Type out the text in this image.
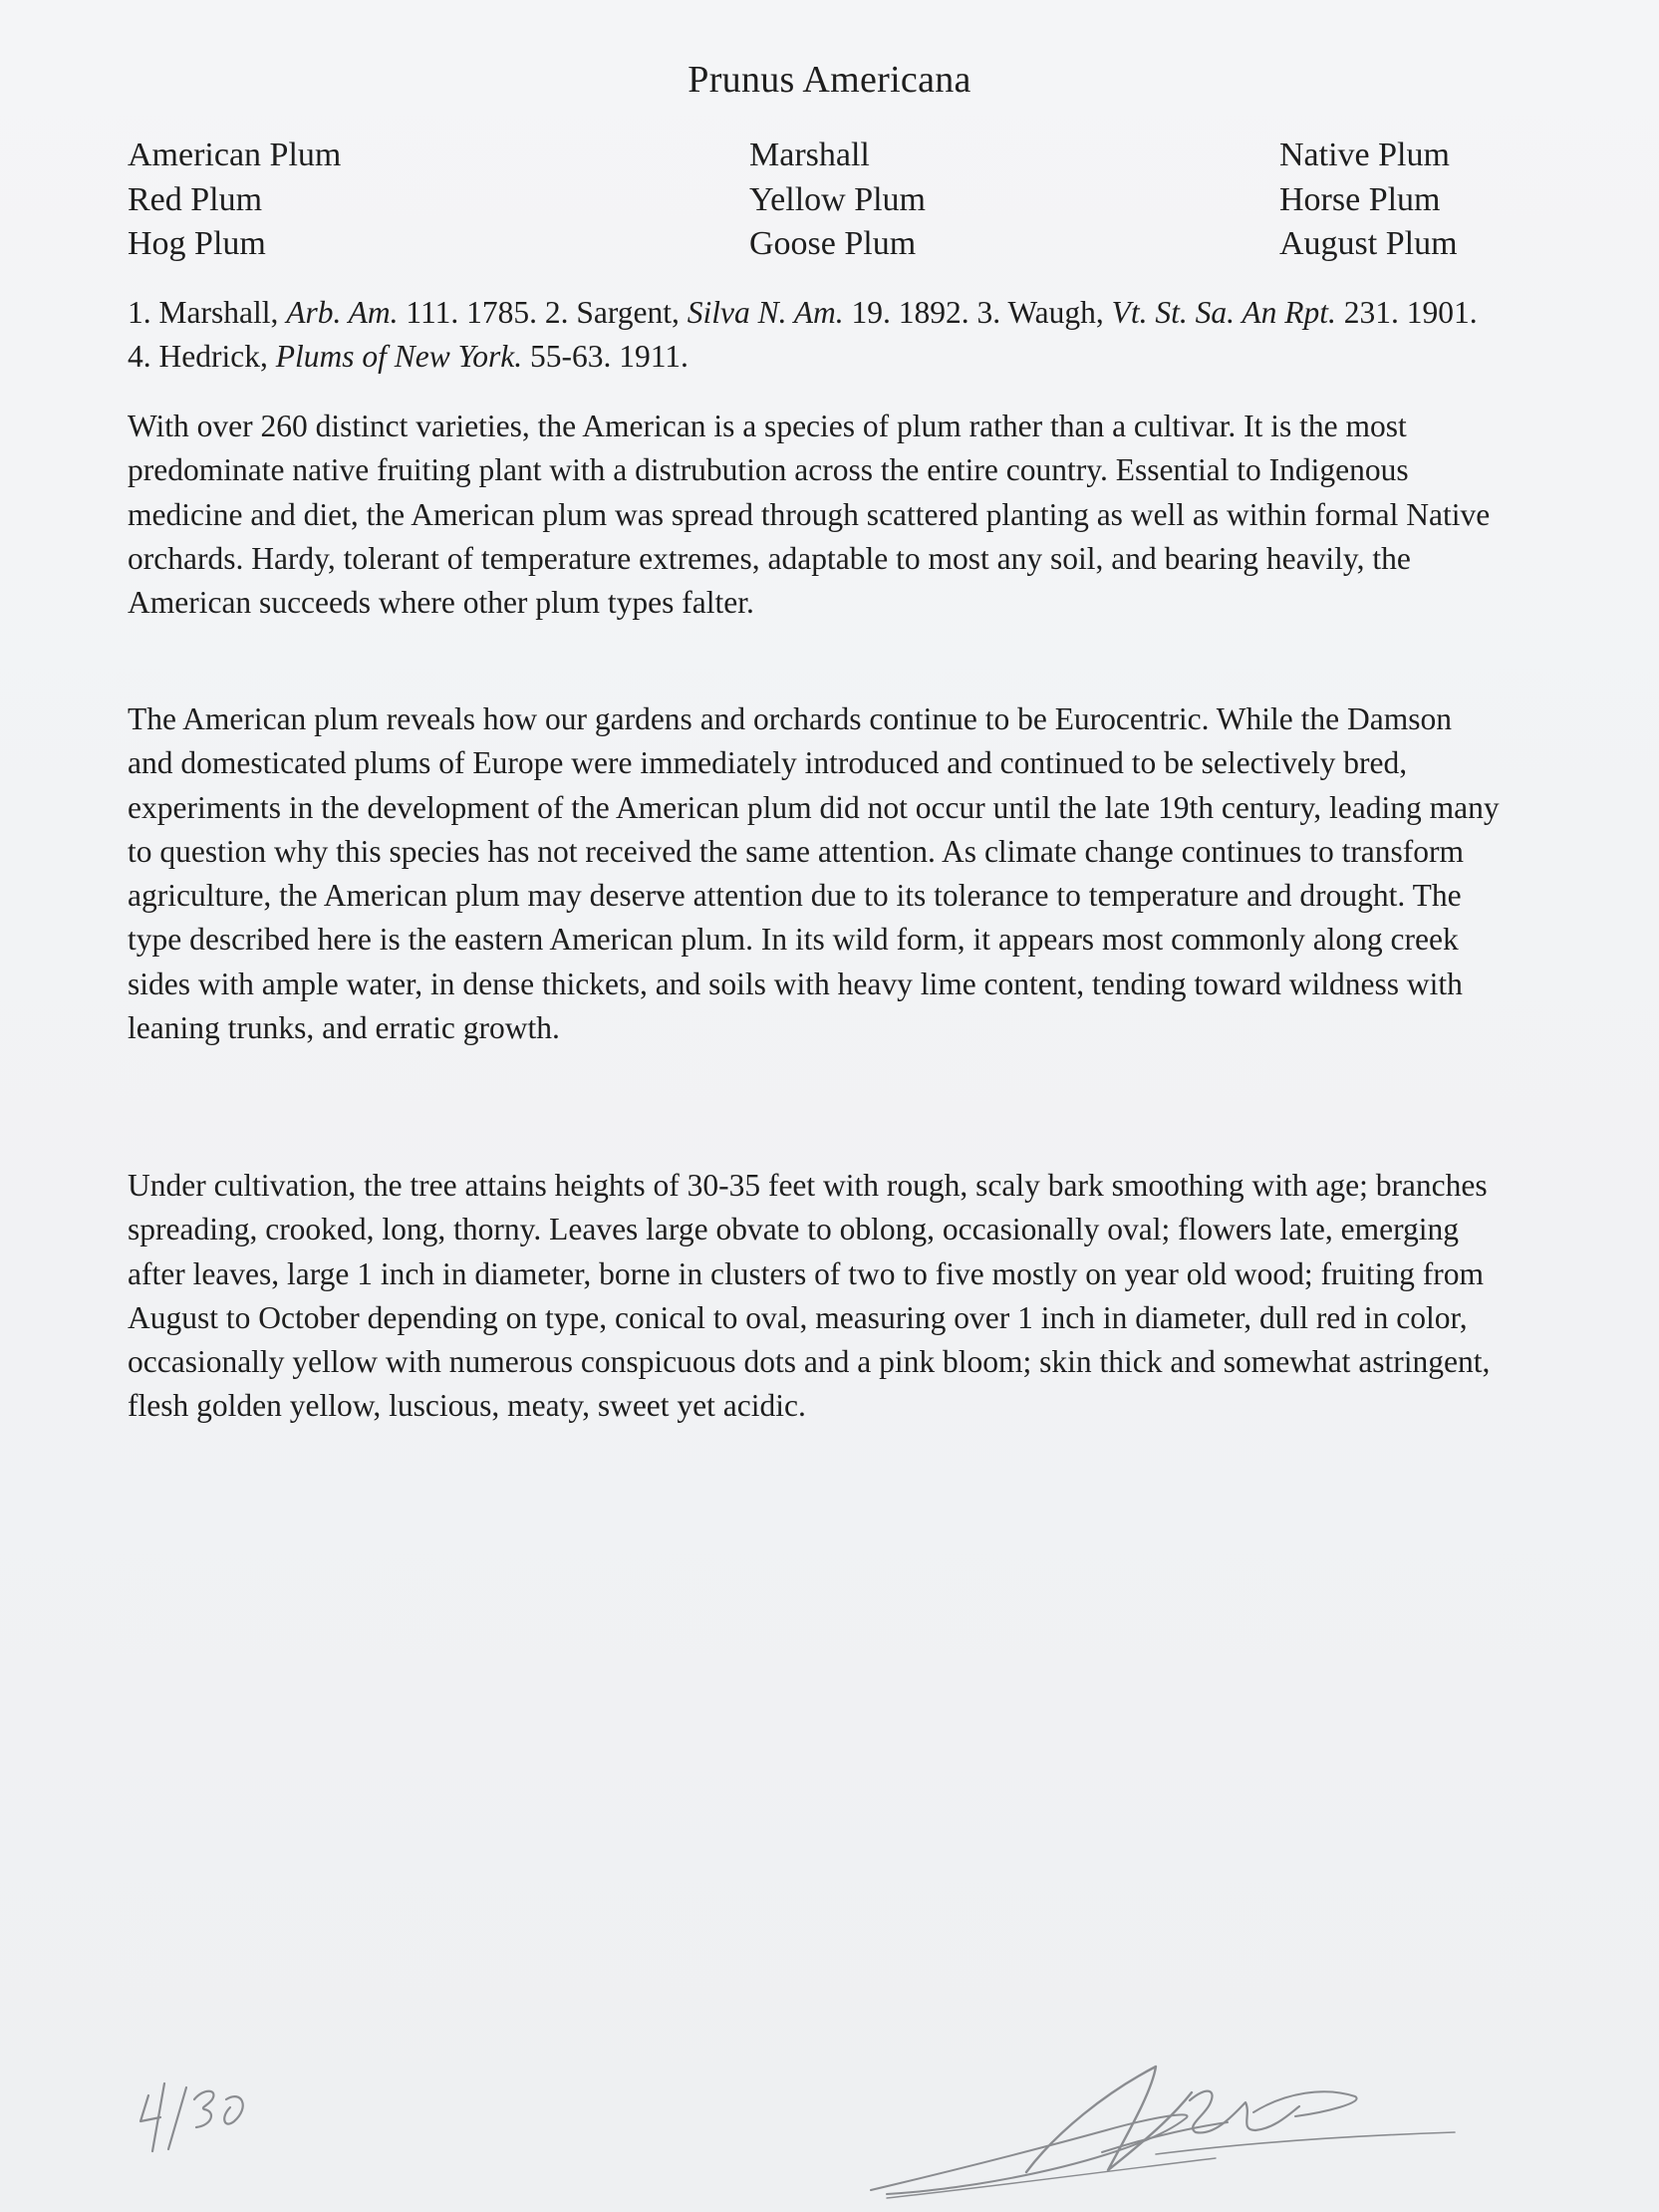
Prunus Americana
American Plum
Red Plum
Hog Plum
Marshall
Yellow Plum
Goose Plum
Native Plum
Horse Plum
August Plum

1. Marshall, Arb. Am. 111. 1785. 2. Sargent, Silva N. Am. 19. 1892. 3. Waugh, Vt. St. Sa. An Rpt. 231. 1901. 4. Hedrick, Plums of New York. 55-63. 1911.

With over 260 distinct varieties, the American is a species of plum rather than a cultivar. It is the most predominate native fruiting plant with a distrubution across the entire country. Essential to Indigenous medicine and diet, the American plum was spread through scattered planting as well as within formal Native orchards. Hardy, tolerant of temperature extremes, adaptable to most any soil, and bearing heavily, the American succeeds where other plum types falter.

The American plum reveals how our gardens and orchards continue to be Eurocentric. While the Damson and domesticated plums of Europe were immediately introduced and continued to be selectively bred, experiments in the development of the American plum did not occur until the late 19th century, leading many to question why this species has not received the same attention. As climate change continues to transform agriculture, the American plum may deserve attention due to its tolerance to temperature and drought. The type described here is the eastern American plum. In its wild form, it appears most commonly along creek sides with ample water, in dense thickets, and soils with heavy lime content, tending toward wildness with leaning trunks, and erratic growth.

Under cultivation, the tree attains heights of 30-35 feet with rough, scaly bark smoothing with age; branches spreading, crooked, long, thorny. Leaves large obvate to oblong, occasionally oval; flowers late, emerging after leaves, large 1 inch in diameter, borne in clusters of two to five mostly on year old wood; fruiting from August to October depending on type, conical to oval, measuring over 1 inch in diameter, dull red in color, occasionally yellow with numerous conspicuous dots and a pink bloom; skin thick and somewhat astringent, flesh golden yellow, luscious, meaty, sweet yet acidic.
